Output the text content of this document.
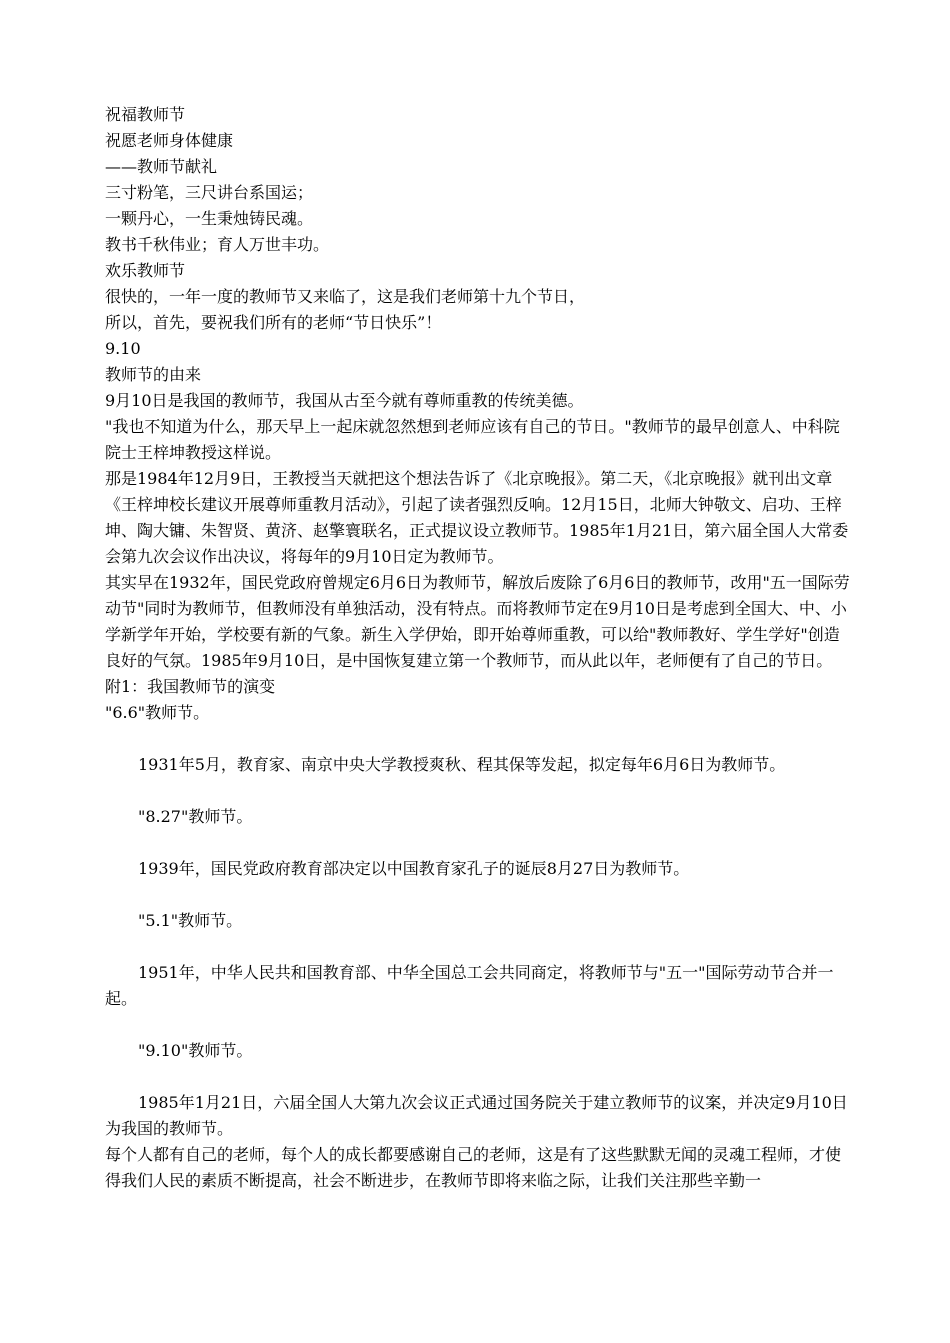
祝福教师节

祝愿老师身体健康

——教师节献礼

三寸粉笔，三尺讲台系国运；

一颗丹心，一生秉烛铸民魂。

教书千秋伟业；育人万世丰功。

欢乐教师节

很快的，一年一度的教师节又来临了，这是我们老师第十九个节日，

所以，首先，要祝我们所有的老师“节日快乐”！

9.10

教师节的由来

9月10日是我国的教师节，我国从古至今就有尊师重教的传统美德。

"我也不知道为什么，那天早上一起床就忽然想到老师应该有自己的节日。"教师节的最早创意人、中科院院士王梓坤教授这样说。

那是1984年12月9日，王教授当天就把这个想法告诉了《北京晚报》。第二天，《北京晚报》就刊出文章《王梓坤校长建议开展尊师重教月活动》，引起了读者强烈反响。12月15日，北师大钟敬文、启功、王梓坤、陶大镛、朱智贤、黄济、赵擎寰联名，正式提议设立教师节。1985年1月21日，第六届全国人大常委会第九次会议作出决议，将每年的9月10日定为教师节。

其实早在1932年，国民党政府曾规定6月6日为教师节，解放后废除了6月6日的教师节，改用"五一国际劳动节"同时为教师节，但教师没有单独活动，没有特点。而将教师节定在9月10日是考虑到全国大、中、小学新学年开始，学校要有新的气象。新生入学伊始，即开始尊师重教，可以给"教师教好、学生学好"创造良好的气氛。1985年9月10日，是中国恢复建立第一个教师节，而从此以年，老师便有了自己的节日。

附1：我国教师节的演变

"6.6"教师节。

1931年5月，教育家、南京中央大学教授爽秋、程其保等发起，拟定每年6月6日为教师节。

"8.27"教师节。

1939年，国民党政府教育部决定以中国教育家孔子的诞辰8月27日为教师节。

"5.1"教师节。

1951年，中华人民共和国教育部、中华全国总工会共同商定，将教师节与"五一"国际劳动节合并一起。

"9.10"教师节。

1985年1月21日，六届全国人大第九次会议正式通过国务院关于建立教师节的议案，并决定9月10日为我国的教师节。

每个人都有自己的老师，每个人的成长都要感谢自己的老师，这是有了这些默默无闻的灵魂工程师，才使得我们人民的素质不断提高，社会不断进步，在教师节即将来临之际，让我们关注那些辛勤一
